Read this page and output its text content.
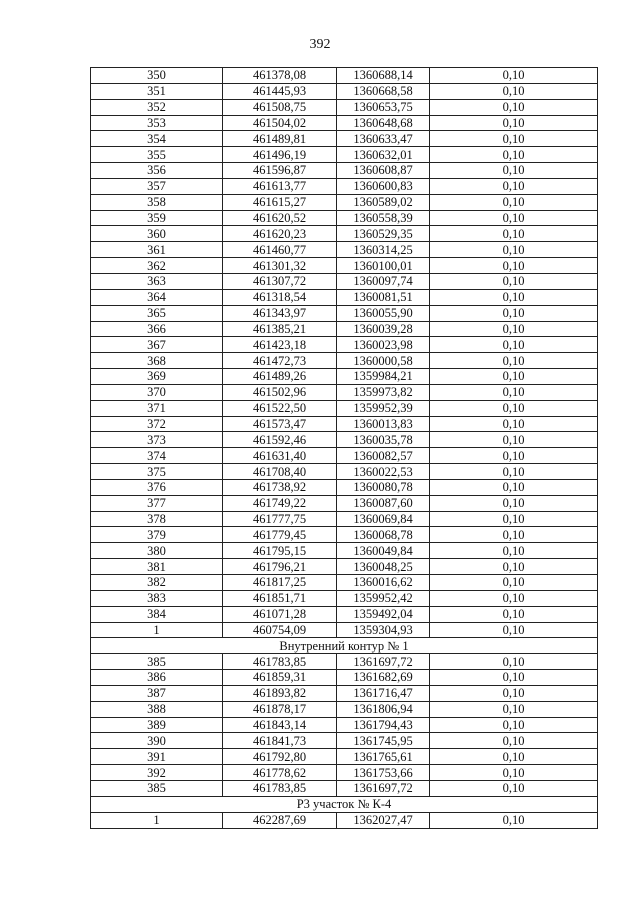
392
350	461378,08	1360688,14	0,10
351	461445,93	1360668,58	0,10
352	461508,75	1360653,75	0,10
353	461504,02	1360648,68	0,10
354	461489,81	1360633,47	0,10
355	461496,19	1360632,01	0,10
356	461596,87	1360608,87	0,10
357	461613,77	1360600,83	0,10
358	461615,27	1360589,02	0,10
359	461620,52	1360558,39	0,10
360	461620,23	1360529,35	0,10
361	461460,77	1360314,25	0,10
362	461301,32	1360100,01	0,10
363	461307,72	1360097,74	0,10
364	461318,54	1360081,51	0,10
365	461343,97	1360055,90	0,10
366	461385,21	1360039,28	0,10
367	461423,18	1360023,98	0,10
368	461472,73	1360000,58	0,10
369	461489,26	1359984,21	0,10
370	461502,96	1359973,82	0,10
371	461522,50	1359952,39	0,10
372	461573,47	1360013,83	0,10
373	461592,46	1360035,78	0,10
374	461631,40	1360082,57	0,10
375	461708,40	1360022,53	0,10
376	461738,92	1360080,78	0,10
377	461749,22	1360087,60	0,10
378	461777,75	1360069,84	0,10
379	461779,45	1360068,78	0,10
380	461795,15	1360049,84	0,10
381	461796,21	1360048,25	0,10
382	461817,25	1360016,62	0,10
383	461851,71	1359952,42	0,10
384	461071,28	1359492,04	0,10
1	460754,09	1359304,93	0,10
Внутренний контур № 1			
385	461783,85	1361697,72	0,10
386	461859,31	1361682,69	0,10
387	461893,82	1361716,47	0,10
388	461878,17	1361806,94	0,10
389	461843,14	1361794,43	0,10
390	461841,73	1361745,95	0,10
391	461792,80	1361765,61	0,10
392	461778,62	1361753,66	0,10
385	461783,85	1361697,72	0,10
Р3 участок № К-4			
1	462287,69	1362027,47	0,10
